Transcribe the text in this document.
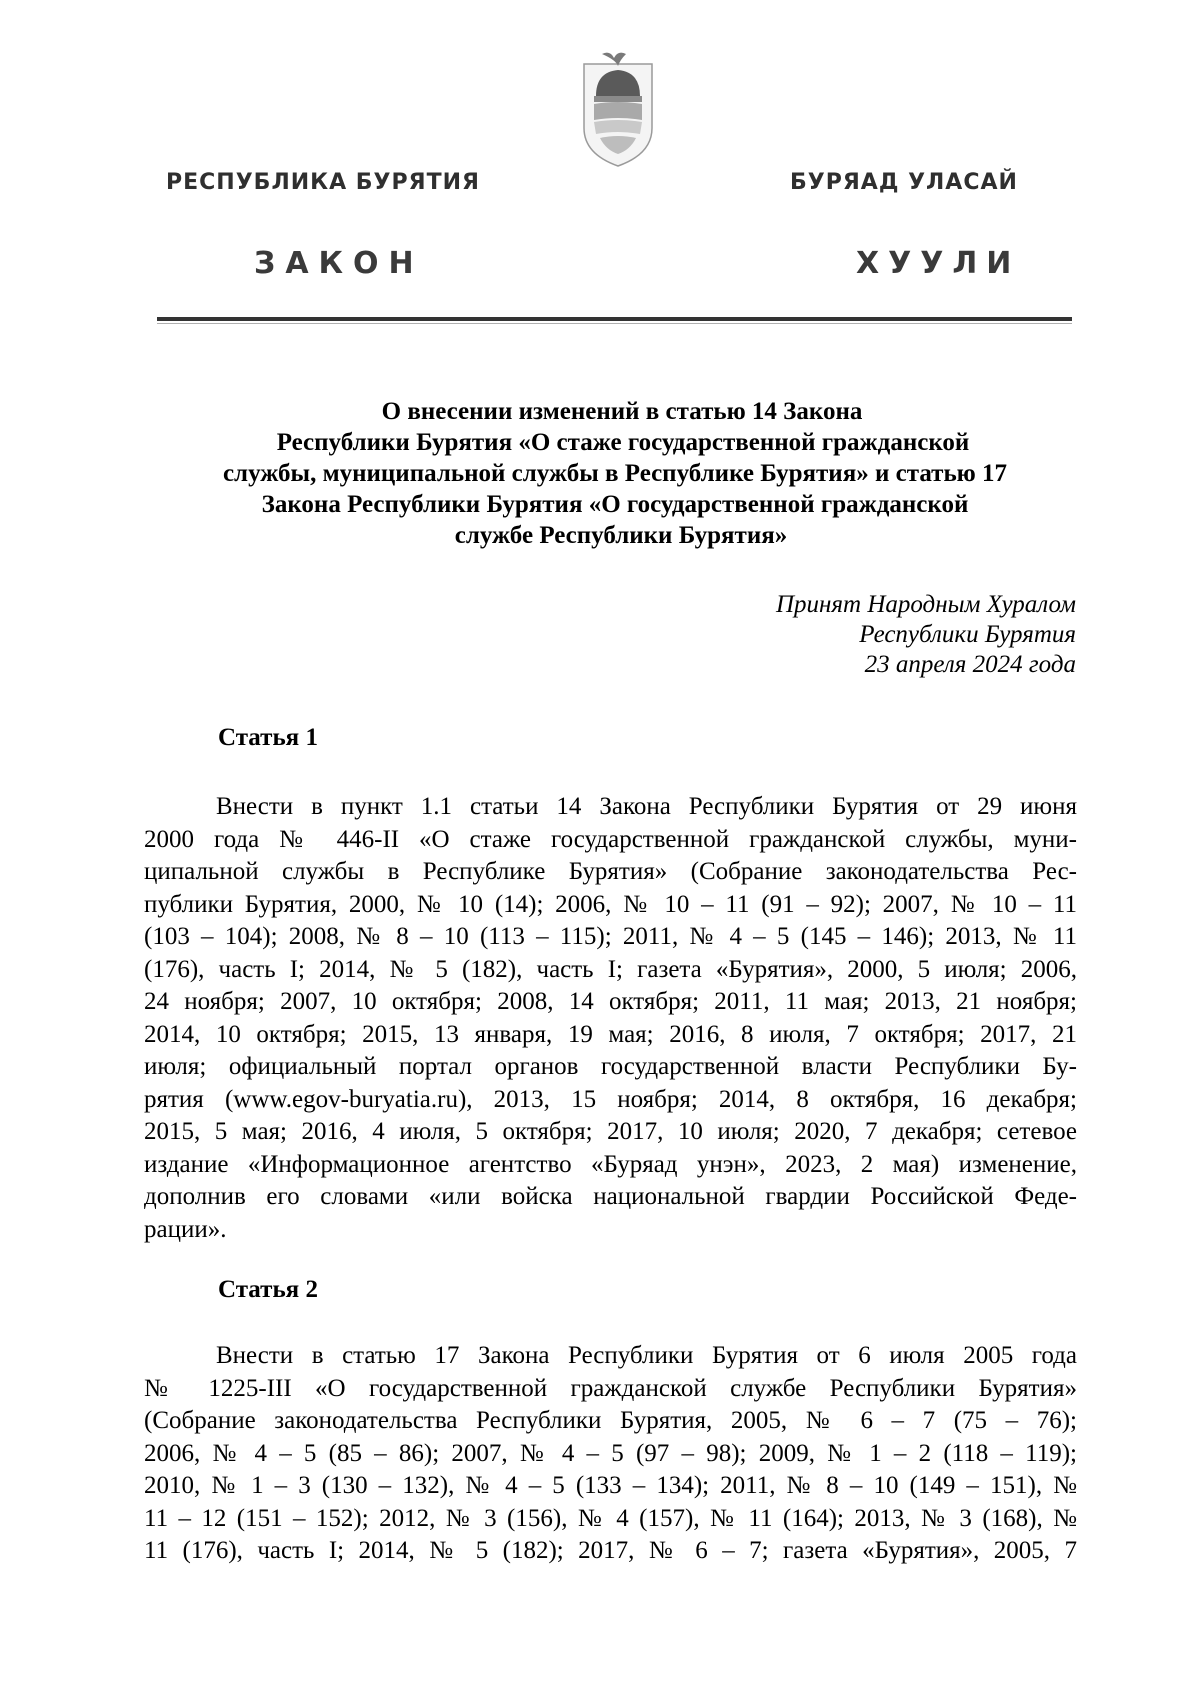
РЕСПУБЛИКА БУРЯТИЯ	БУРЯАД УЛАСАЙ
ЗАКОН	ХУУЛИ
О внесении изменений в статью 14 Закона
Республики Бурятия «О стаже государственной гражданской
службы, муниципальной службы в Республике Бурятия» и статью 17
Закона Республики Бурятия «О государственной гражданской
службе Республики Бурятия»
Принят Народным Хуралом
Республики Бурятия
23 апреля 2024 года
Статья 1
Внести в пункт 1.1 статьи 14 Закона Республики Бурятия от 29 июня
2000 года № 446-II «О стаже государственной гражданской службы, муни-
ципальной службы в Республике Бурятия» (Собрание законодательства Рес-
публики Бурятия, 2000, № 10 (14); 2006, № 10 – 11 (91 – 92); 2007, № 10 – 11
(103 – 104); 2008, № 8 – 10 (113 – 115); 2011, № 4 – 5 (145 – 146); 2013, № 11
(176), часть I; 2014, № 5 (182), часть I; газета «Бурятия», 2000, 5 июля; 2006,
24 ноября; 2007, 10 октября; 2008, 14 октября; 2011, 11 мая; 2013, 21 ноября;
2014, 10 октября; 2015, 13 января, 19 мая; 2016, 8 июля, 7 октября; 2017, 21
июля; официальный портал органов государственной власти Республики Бу-
рятия (www.egov-buryatia.ru), 2013, 15 ноября; 2014, 8 октября, 16 декабря;
2015, 5 мая; 2016, 4 июля, 5 октября; 2017, 10 июля; 2020, 7 декабря; сетевое
издание «Информационное агентство «Буряад унэн», 2023, 2 мая) изменение,
дополнив его словами «или войска национальной гвардии Российской Феде-
рации».
Статья 2
Внести в статью 17 Закона Республики Бурятия от 6 июля 2005 года
№ 1225-III «О государственной гражданской службе Республики Бурятия»
(Собрание законодательства Республики Бурятия, 2005, № 6 – 7 (75 – 76);
2006, № 4 – 5 (85 – 86); 2007, № 4 – 5 (97 – 98); 2009, № 1 – 2 (118 – 119);
2010, № 1 – 3 (130 – 132), № 4 – 5 (133 – 134); 2011, № 8 – 10 (149 – 151), №
11 – 12 (151 – 152); 2012, № 3 (156), № 4 (157), № 11 (164); 2013, № 3 (168), №
11 (176), часть I; 2014, № 5 (182); 2017, № 6 – 7; газета «Бурятия», 2005, 7
